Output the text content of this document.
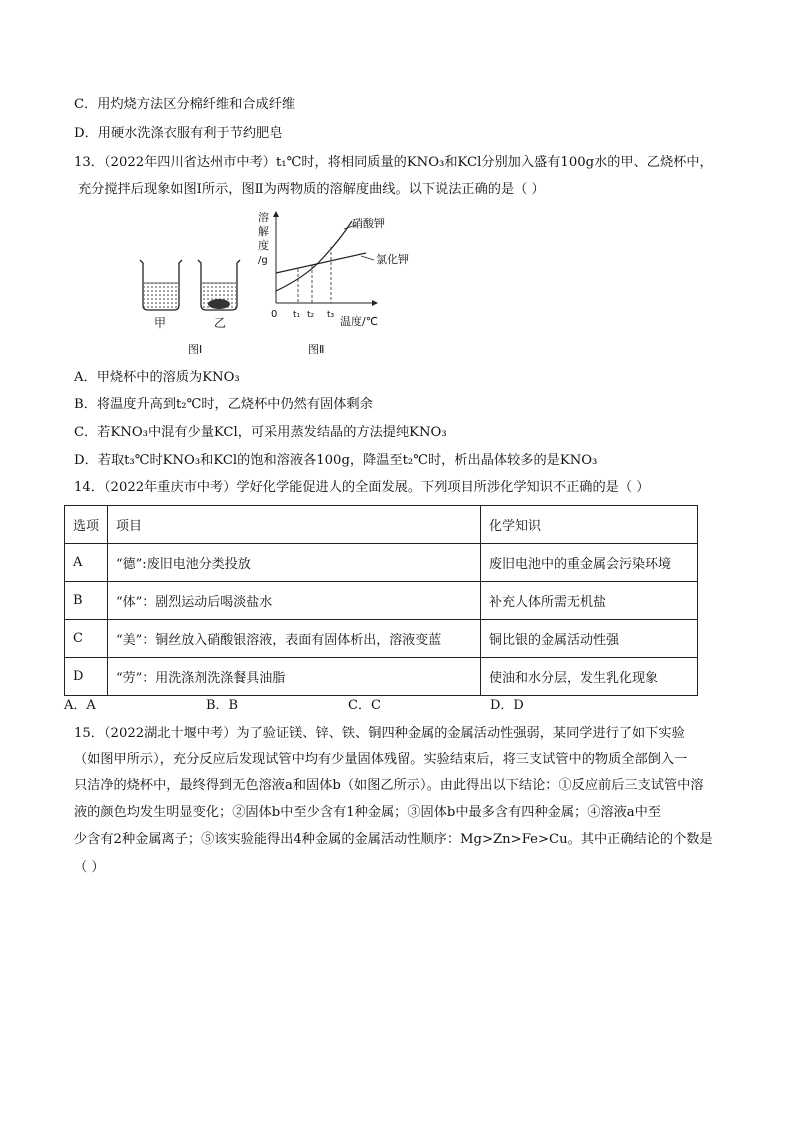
C．用灼烧方法区分棉纤维和合成纤维
D．用硬水洗涤衣服有利于节约肥皂
13．（2022年四川省达州市中考）t₁℃时，将相同质量的KNO₃和KCl分别加入盛有100g水的甲、乙烧杯中，
充分搅拌后现象如图Ⅰ所示，图Ⅱ为两物质的溶解度曲线。以下说法正确的是（ ）
甲	乙
图Ⅰ
溶
解
度
/g
0 t₁ t₂ t₃ 温度/℃
硝酸钾
氯化钾
图Ⅱ
A．甲烧杯中的溶质为KNO₃
B．将温度升高到t₂℃时，乙烧杯中仍然有固体剩余
C．若KNO₃中混有少量KCl，可采用蒸发结晶的方法提纯KNO₃
D．若取t₃℃时KNO₃和KCl的饱和溶液各100g，降温至t₂℃时，析出晶体较多的是KNO₃
14．（2022年重庆市中考）学好化学能促进人的全面发展。下列项目所涉化学知识不正确的是（ ）
选项	项目	化学知识
A	“德”:废旧电池分类投放	废旧电池中的重金属会污染环境
B	“体”：剧烈运动后喝淡盐水	补充人体所需无机盐
C	“美”：铜丝放入硝酸银溶液，表面有固体析出，溶液变蓝	铜比银的金属活动性强
D	“劳”：用洗涤剂洗涤餐具油脂	使油和水分层，发生乳化现象
A．A	B．B	C．C	D．D
15．（2022湖北十堰中考）为了验证镁、锌、铁、铜四种金属的金属活动性强弱，某同学进行了如下实验
（如图甲所示），充分反应后发现试管中均有少量固体残留。实验结束后，将三支试管中的物质全部倒入一
只洁净的烧杯中，最终得到无色溶液a和固体b（如图乙所示）。由此得出以下结论：①反应前后三支试管中溶
液的颜色均发生明显变化；②固体b中至少含有1种金属；③固体b中最多含有四种金属；④溶液a中至
少含有2种金属离子；⑤该实验能得出4种金属的金属活动性顺序：Mg>Zn>Fe>Cu。其中正确结论的个数是
（ ）
